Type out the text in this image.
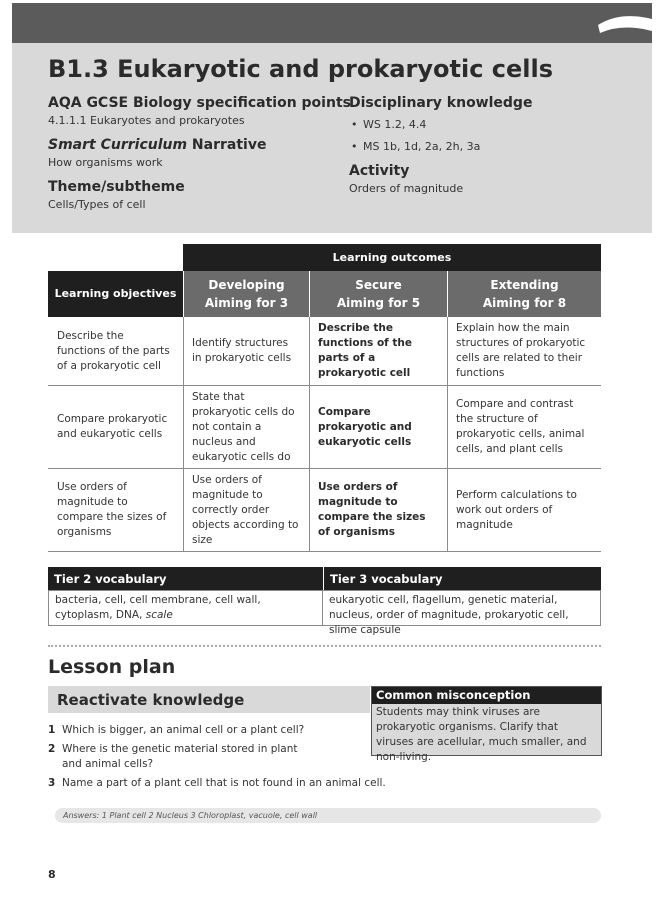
B1.3 Eukaryotic and prokaryotic cells
AQA GCSE Biology specification points
4.1.1.1 Eukaryotes and prokaryotes
Smart Curriculum Narrative
How organisms work
Theme/subtheme
Cells/Types of cell
Disciplinary knowledge
• WS 1.2, 4.4
• MS 1b, 1d, 2a, 2h, 3a
Activity
Orders of magnitude
Learning outcomes
Learning objectives
Developing
Aiming for 3
Secure
Aiming for 5
Extending
Aiming for 8
Describe the functions of the parts of a prokaryotic cell
Identify structures in prokaryotic cells
Describe the functions of the parts of a prokaryotic cell
Explain how the main structures of prokaryotic cells are related to their functions
Compare prokaryotic and eukaryotic cells
State that prokaryotic cells do not contain a nucleus and eukaryotic cells do
Compare prokaryotic and eukaryotic cells
Compare and contrast the structure of prokaryotic cells, animal cells, and plant cells
Use orders of magnitude to compare the sizes of organisms
Use orders of magnitude to correctly order objects according to size
Use orders of magnitude to compare the sizes of organisms
Perform calculations to work out orders of magnitude
Tier 2 vocabulary	Tier 3 vocabulary
bacteria, cell, cell membrane, cell wall, cytoplasm, DNA, scale
eukaryotic cell, flagellum, genetic material, nucleus, order of magnitude, prokaryotic cell, slime capsule
Lesson plan
Reactivate knowledge	Common misconception
Students may think viruses are prokaryotic organisms. Clarify that viruses are acellular, much smaller, and non-living.
1 Which is bigger, an animal cell or a plant cell?
2 Where is the genetic material stored in plant and animal cells?
3 Name a part of a plant cell that is not found in an animal cell.
Answers: 1 Plant cell 2 Nucleus 3 Chloroplast, vacuole, cell wall
8
